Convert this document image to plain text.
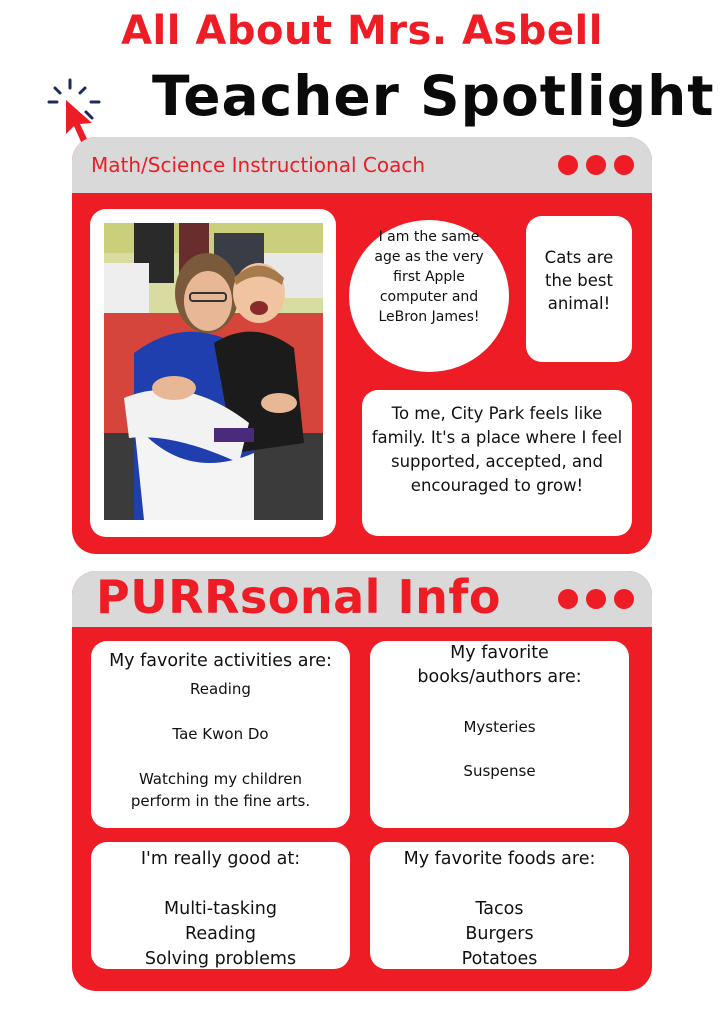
All About Mrs. Asbell
Teacher Spotlight
Math/Science Instructional Coach

I am the same age as the very first Apple computer and LeBron James!

Cats are the best animal!

To me, City Park feels like family. It's a place where I feel supported, accepted, and encouraged to grow!

PURRsonal Info
My favorite activities are:
Reading
Tae Kwon Do
Watching my children perform in the fine arts.
My favorite books/authors are:
Mysteries
Suspense
I'm really good at:
Multi-tasking
Reading
Solving problems
My favorite foods are:
Tacos
Burgers
Potatoes
